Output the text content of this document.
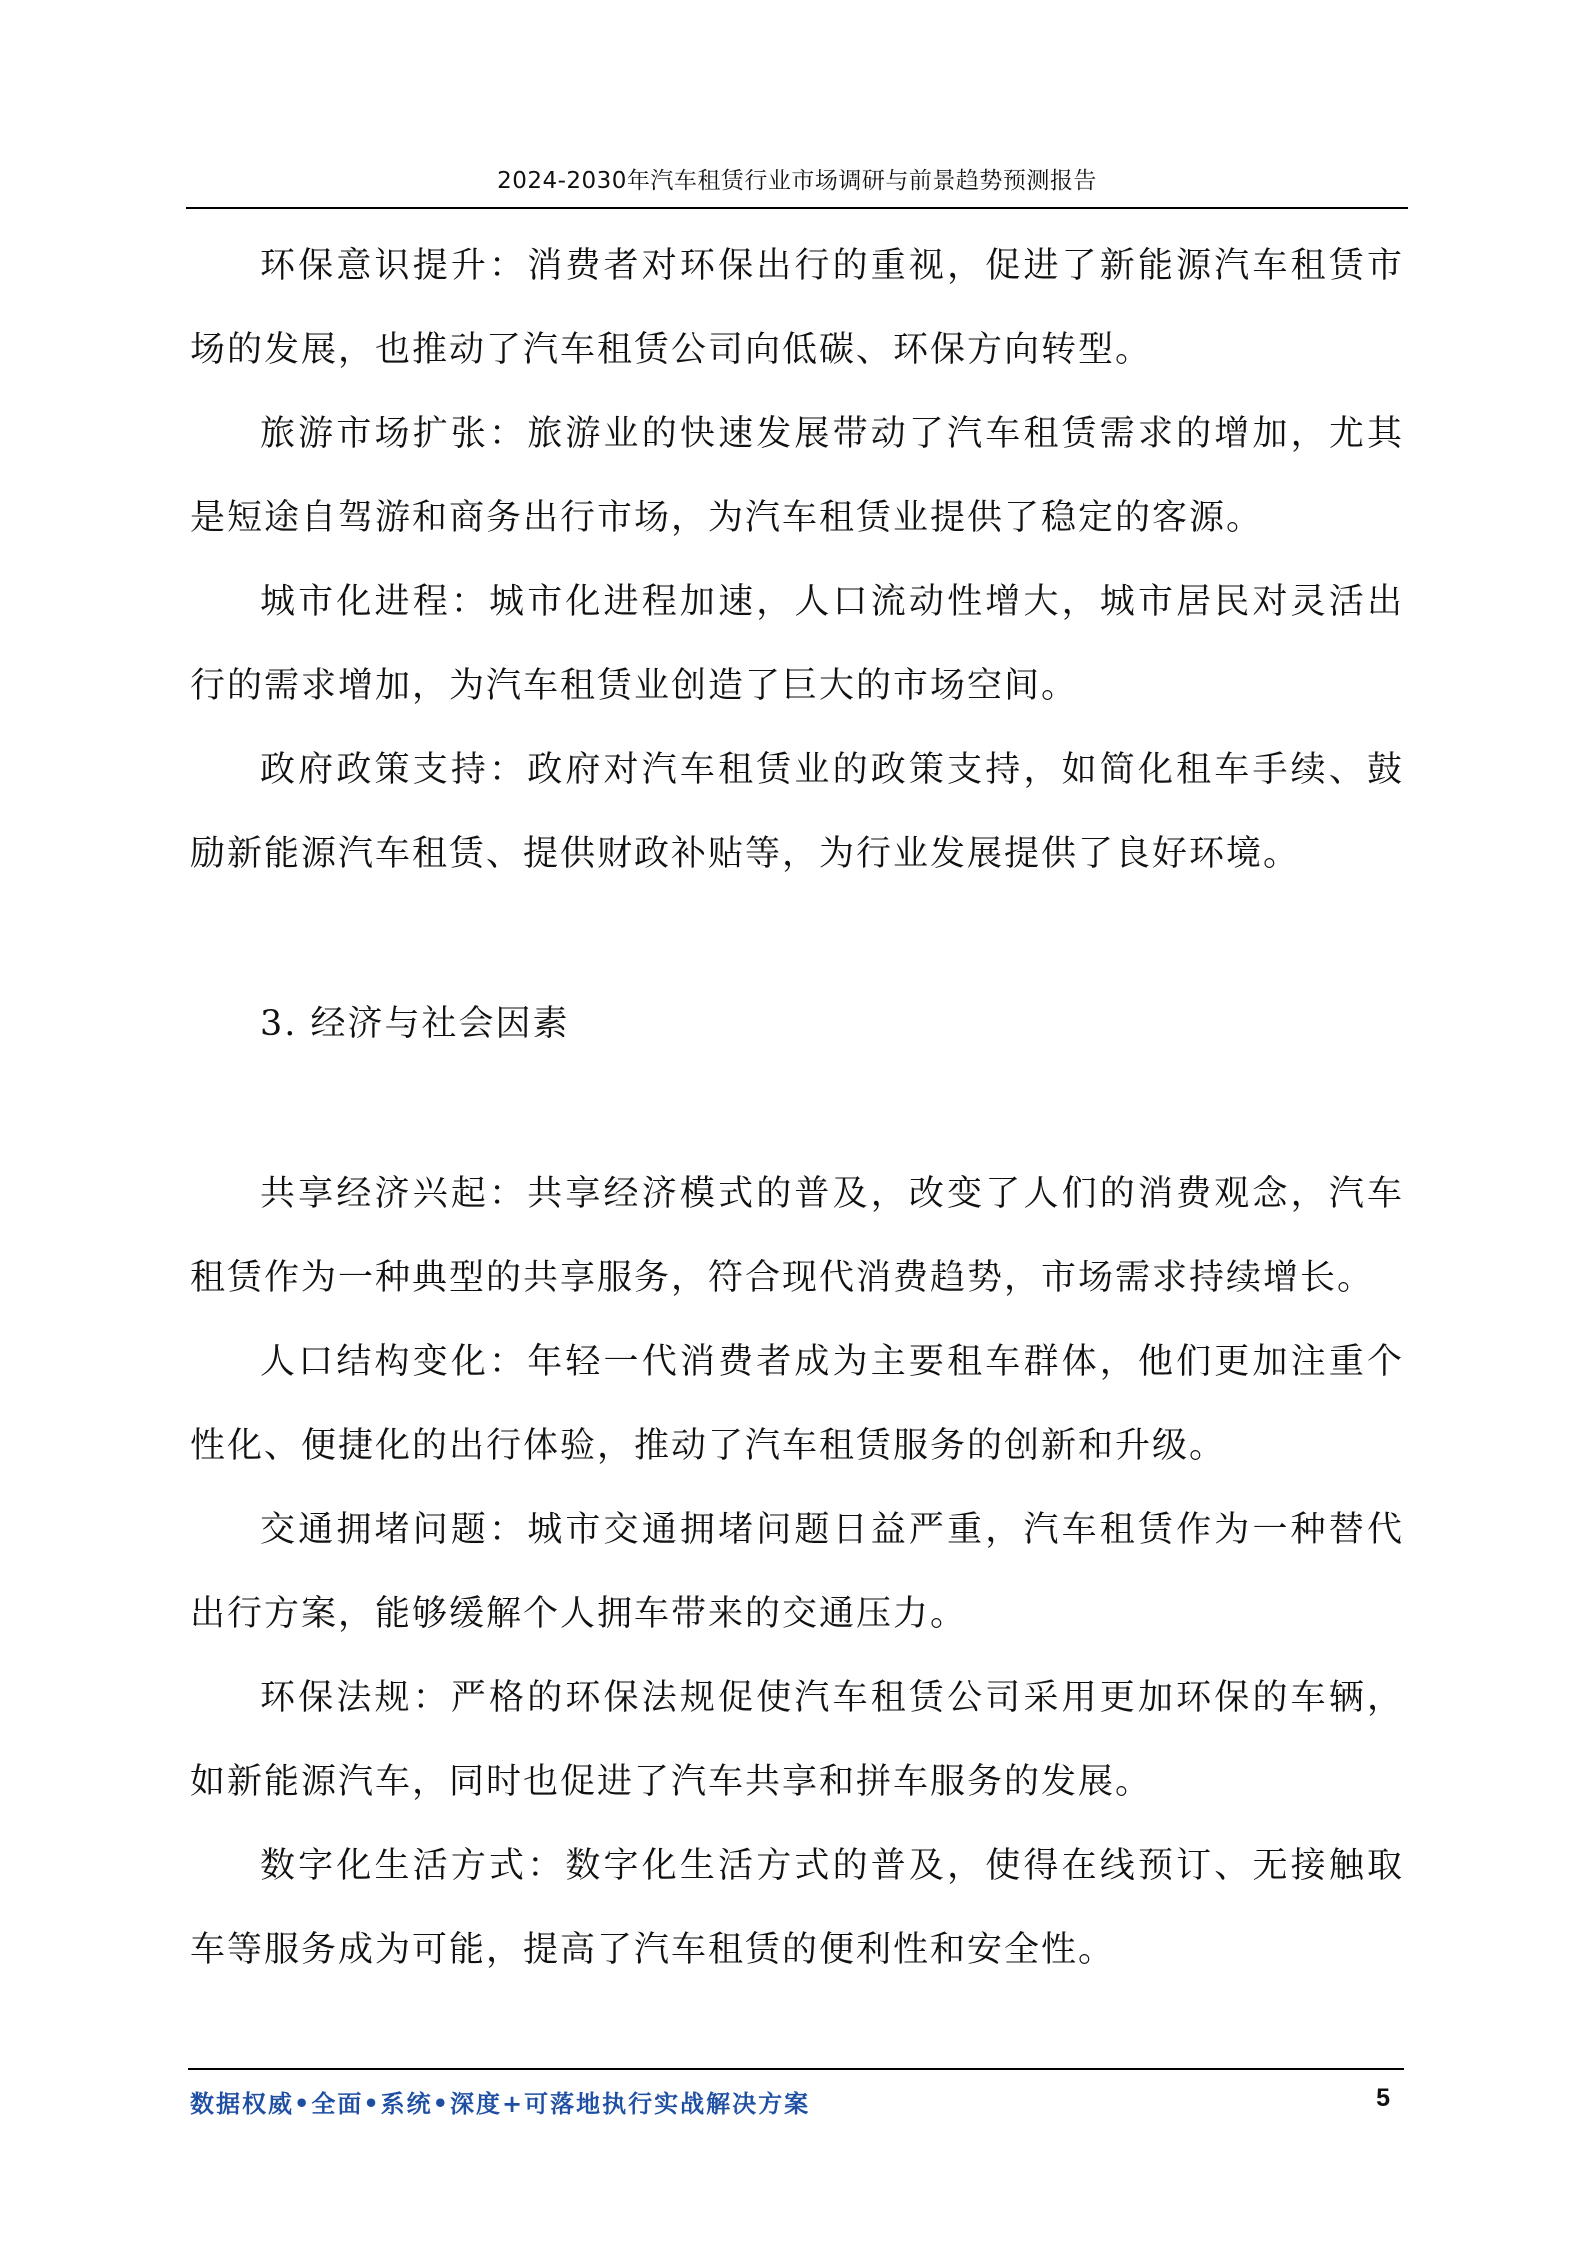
2024-2030年汽车租赁行业市场调研与前景趋势预测报告

环保意识提升：消费者对环保出行的重视，促进了新能源汽车租赁市场的发展，也推动了汽车租赁公司向低碳、环保方向转型。

旅游市场扩张：旅游业的快速发展带动了汽车租赁需求的增加，尤其是短途自驾游和商务出行市场，为汽车租赁业提供了稳定的客源。

城市化进程：城市化进程加速，人口流动性增大，城市居民对灵活出行的需求增加，为汽车租赁业创造了巨大的市场空间。

政府政策支持：政府对汽车租赁业的政策支持，如简化租车手续、鼓励新能源汽车租赁、提供财政补贴等，为行业发展提供了良好环境。

3. 经济与社会因素

共享经济兴起：共享经济模式的普及，改变了人们的消费观念，汽车租赁作为一种典型的共享服务，符合现代消费趋势，市场需求持续增长。

人口结构变化：年轻一代消费者成为主要租车群体，他们更加注重个性化、便捷化的出行体验，推动了汽车租赁服务的创新和升级。

交通拥堵问题：城市交通拥堵问题日益严重，汽车租赁作为一种替代出行方案，能够缓解个人拥车带来的交通压力。

环保法规：严格的环保法规促使汽车租赁公司采用更加环保的车辆，如新能源汽车，同时也促进了汽车共享和拼车服务的发展。

数字化生活方式：数字化生活方式的普及，使得在线预订、无接触取车等服务成为可能，提高了汽车租赁的便利性和安全性。

数据权威•全面•系统•深度+可落地执行实战解决方案	5
